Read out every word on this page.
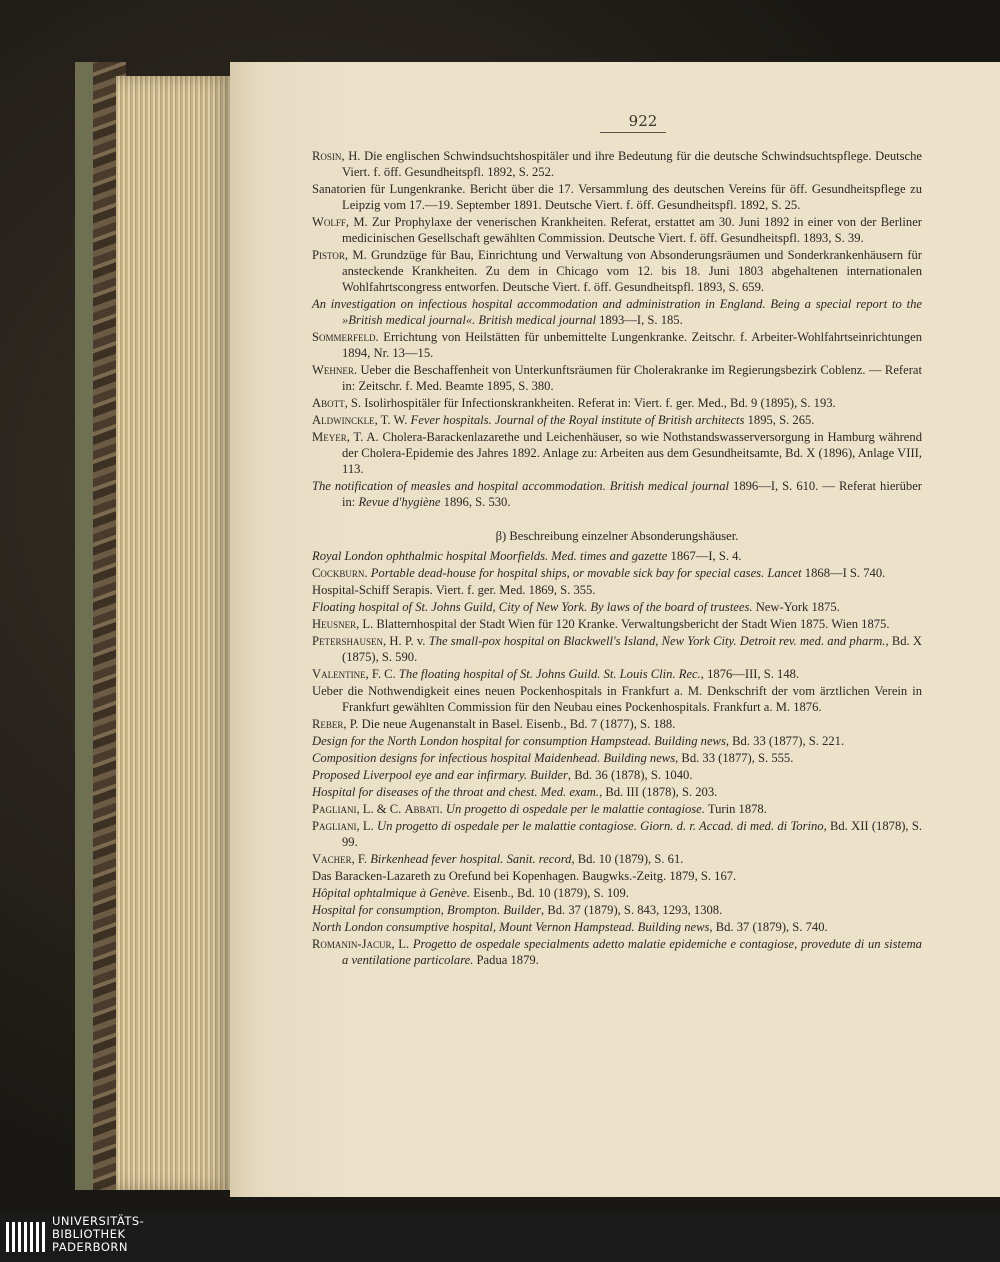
922
Rosin, H. Die englischen Schwindsuchtshospitäler und ihre Bedeutung für die deutsche Schwindsuchtspflege. Deutsche Viert. f. öff. Gesundheitspfl. 1892, S. 252.
Sanatorien für Lungenkranke. Bericht über die 17. Versammlung des deutschen Vereins für öff. Gesundheitspflege zu Leipzig vom 17.—19. September 1891. Deutsche Viert. f. öff. Gesundheitspfl. 1892, S. 25.
Wolff, M. Zur Prophylaxe der venerischen Krankheiten. Referat, erstattet am 30. Juni 1892 in einer von der Berliner medicinischen Gesellschaft gewählten Commission. Deutsche Viert. f. öff. Gesundheitspfl. 1893, S. 39.
Pistor, M. Grundzüge für Bau, Einrichtung und Verwaltung von Absonderungsräumen und Sonderkrankenhäusern für ansteckende Krankheiten. Zu dem in Chicago vom 12. bis 18. Juni 1803 abgehaltenen internationalen Wohlfahrtscongress entworfen. Deutsche Viert. f. öff. Gesundheitspfl. 1893, S. 659.
An investigation on infectious hospital accommodation and administration in England. Being a special report to the »British medical journal«. British medical journal 1893—I, S. 185.
Sommerfeld. Errichtung von Heilstätten für unbemittelte Lungenkranke. Zeitschr. f. Arbeiter-Wohlfahrtseinrichtungen 1894, Nr. 13—15.
Wehner. Ueber die Beschaffenheit von Unterkunftsräumen für Cholerakranke im Regierungsbezirk Coblenz. — Referat in: Zeitschr. f. Med. Beamte 1895, S. 380.
Abott, S. Isolirhospitäler für Infectionskrankheiten. Referat in: Viert. f. ger. Med., Bd. 9 (1895), S. 193.
Aldwinckle, T. W. Fever hospitals. Journal of the Royal institute of British architects 1895, S. 265.
Meyer, T. A. Cholera-Barackenlazarethe und Leichenhäuser, so wie Nothstandswasserversorgung in Hamburg während der Cholera-Epidemie des Jahres 1892. Anlage zu: Arbeiten aus dem Gesundheitsamte, Bd. X (1896), Anlage VIII, 113.
The notification of measles and hospital accommodation. British medical journal 1896—I, S. 610. — Referat hierüber in: Revue d'hygiène 1896, S. 530.
β) Beschreibung einzelner Absonderungshäuser.
Royal London ophthalmic hospital Moorfields. Med. times and gazette 1867—I, S. 4.
Cockburn. Portable dead-house for hospital ships, or movable sick bay for special cases. Lancet 1868—I S. 740.
Hospital-Schiff Serapis. Viert. f. ger. Med. 1869, S. 355.
Floating hospital of St. Johns Guild, City of New York. By laws of the board of trustees. New-York 1875.
Heusner, L. Blatternhospital der Stadt Wien für 120 Kranke. Verwaltungsbericht der Stadt Wien 1875. Wien 1875.
Petershausen, H. P. v. The small-pox hospital on Blackwell's Island, New York City. Detroit rev. med. and pharm., Bd. X (1875), S. 590.
Valentine, F. C. The floating hospital of St. Johns Guild. St. Louis Clin. Rec., 1876—III, S. 148.
Ueber die Nothwendigkeit eines neuen Pockenhospitals in Frankfurt a. M. Denkschrift der vom ärztlichen Verein in Frankfurt gewählten Commission für den Neubau eines Pockenhospitals. Frankfurt a. M. 1876.
Reber, P. Die neue Augenanstalt in Basel. Eisenb., Bd. 7 (1877), S. 188.
Design for the North London hospital for consumption Hampstead. Building news, Bd. 33 (1877), S. 221.
Composition designs for infectious hospital Maidenhead. Building news, Bd. 33 (1877), S. 555.
Proposed Liverpool eye and ear infirmary. Builder, Bd. 36 (1878), S. 1040.
Hospital for diseases of the throat and chest. Med. exam., Bd. III (1878), S. 203.
Pagliani, L. & C. Abbati. Un progetto di ospedale per le malattie contagiose. Turin 1878.
Pagliani, L. Un progetto di ospedale per le malattie contagiose. Giorn. d. r. Accad. di med. di Torino, Bd. XII (1878), S. 99.
Vacher, F. Birkenhead fever hospital. Sanit. record, Bd. 10 (1879), S. 61.
Das Baracken-Lazareth zu Orefund bei Kopenhagen. Baugwks.-Zeitg. 1879, S. 167.
Hôpital ophtalmique à Genève. Eisenb., Bd. 10 (1879), S. 109.
Hospital for consumption, Brompton. Builder, Bd. 37 (1879), S. 843, 1293, 1308.
North London consumptive hospital, Mount Vernon Hampstead. Building news, Bd. 37 (1879), S. 740.
Romanin-Jacur, L. Progetto de ospedale specialments adetto malatie epidemiche e contagiose, provedute di un sistema a ventilatione particolare. Padua 1879.
UNIVERSITÄTS-
BIBLIOTHEK
PADERBORN
